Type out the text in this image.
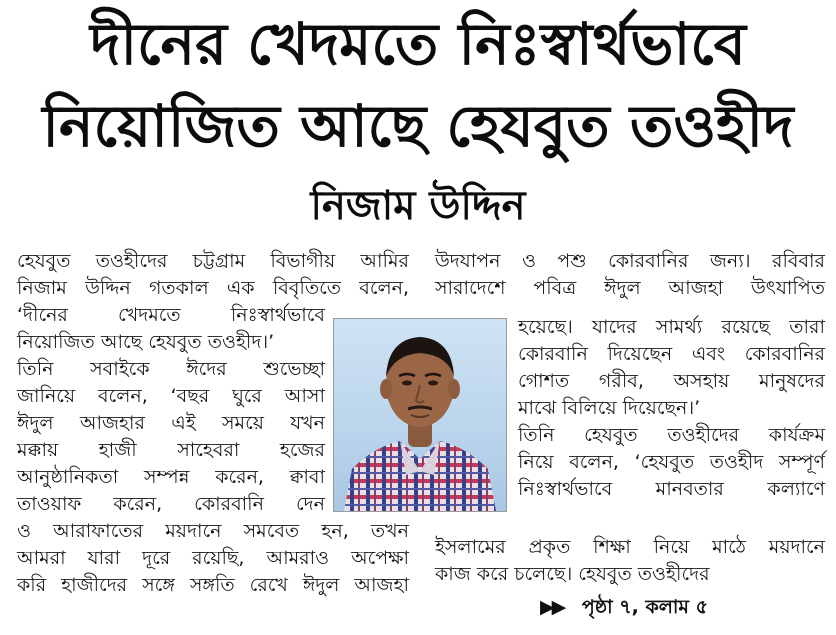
দীনের খেদমতে নিঃস্বার্থভাবে
নিয়োজিত আছে হেযবুত তওহীদ
নিজাম উদ্দিন
হেযবুত তওহীদের চট্টগ্রাম বিভাগীয় আমির
নিজাম উদ্দিন গতকাল এক বিবৃতিতে বলেন,
‘দীনের খেদমতে নিঃস্বার্থভাবে
নিয়োজিত আছে হেযবুত তওহীদ।’
তিনি সবাইকে ঈদের শুভেচ্ছা
জানিয়ে বলেন, ‘বছর ঘুরে আসা
ঈদুল আজহার এই সময়ে যখন
মক্কায় হাজী সাহেবরা হজের
আনুষ্ঠানিকতা সম্পন্ন করেন, ক্বাবা
তাওয়াফ করেন, কোরবানি দেন
ও আরাফাতের ময়দানে সমবেত হন, তখন
আমরা যারা দূরে রয়েছি, আমরাও অপেক্ষা
করি হাজীদের সঙ্গে সঙ্গতি রেখে ঈদুল আজহা
উদযাপন ও পশু কোরবানির জন্য। রবিবার
সারাদেশে পবিত্র ঈদুল আজহা উৎযাপিত
হয়েছে। যাদের সামর্থ্য রয়েছে তারা
কোরবানি দিয়েছেন এবং কোরবানির
গোশত গরীব, অসহায় মানুষদের
মাঝে বিলিয়ে দিয়েছেন।’
তিনি হেযবুত তওহীদের কার্যক্রম
নিয়ে বলেন, ‘হেযবুত তওহীদ সম্পূর্ণ
নিঃস্বার্থভাবে মানবতার কল্যাণে
ইসলামের প্রকৃত শিক্ষা নিয়ে মাঠে ময়দানে
কাজ করে চলেছে। হেযবুত তওহীদের
▶▶ পৃষ্ঠা ৭, কলাম ৫
